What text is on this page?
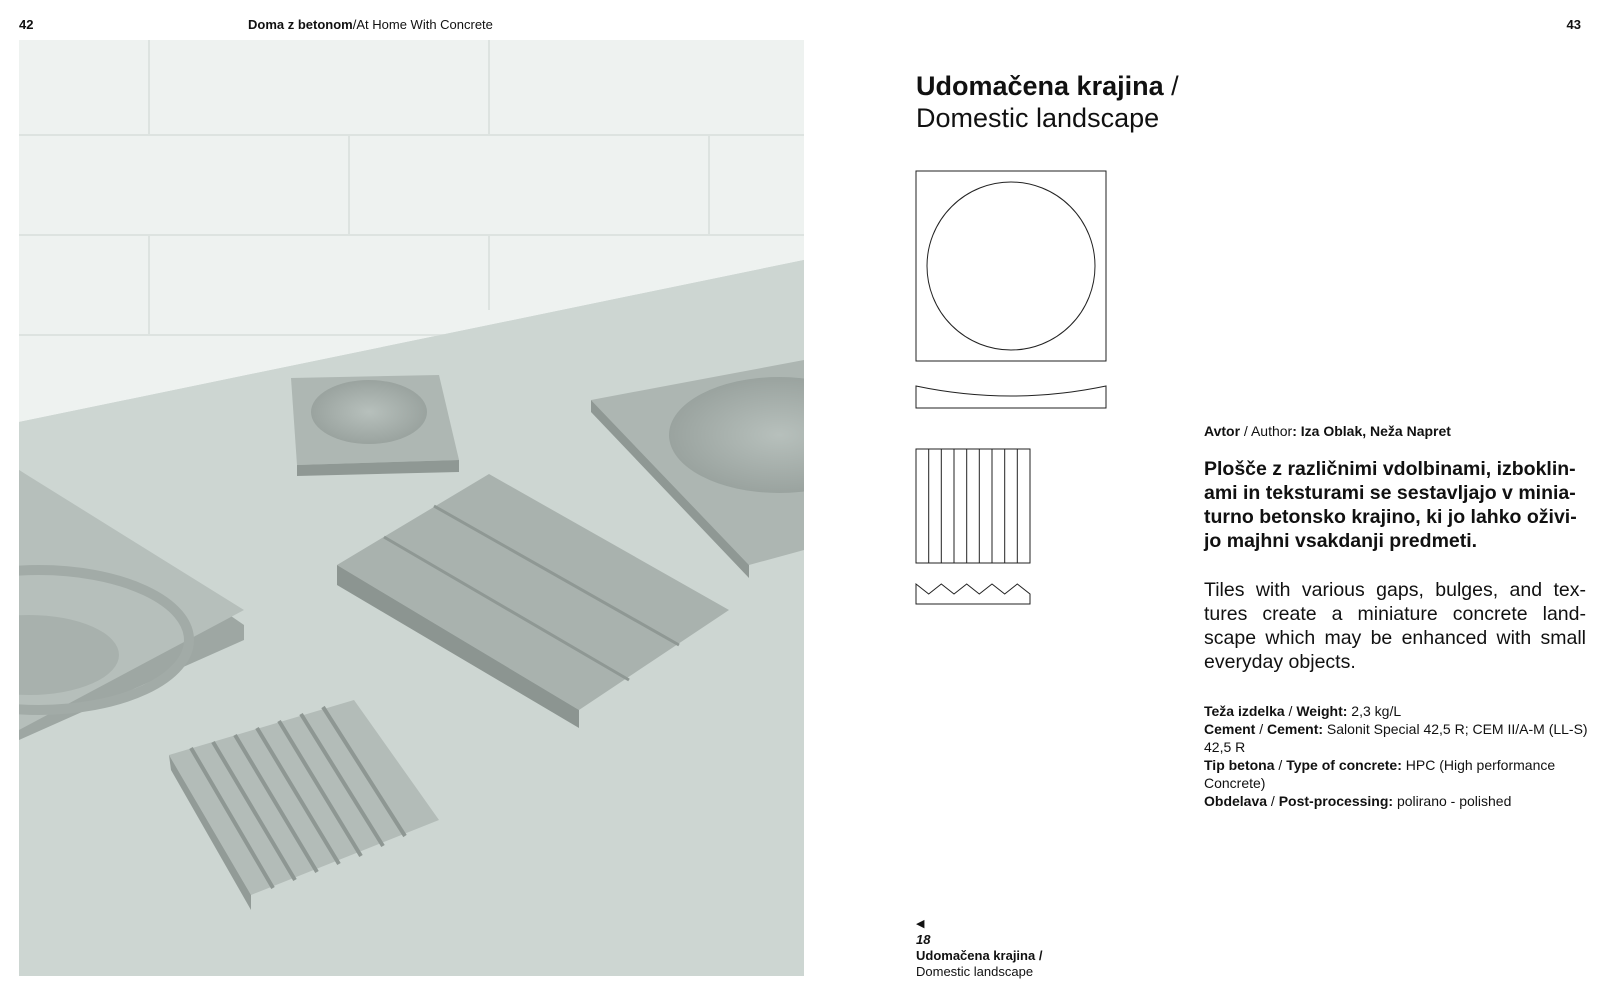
42	Doma z betonom/At Home With Concrete	43
Udomačena krajina /
Domestic landscape
Avtor / Author: Iza Oblak, Neža Napret
Plošče z različnimi vdolbinami, izboklin-ami in teksturami se sestavljajo v minia-turno betonsko krajino, ki jo lahko oživi-jo majhni vsakdanji predmeti.
Tiles with various gaps, bulges, and tex-tures create a miniature concrete land-scape which may be enhanced with small everyday objects.
Teža izdelka / Weight: 2,3 kg/L
Cement / Cement: Salonit Special 42,5 R; CEM II/A-M (LL-S) 42,5 R
Tip betona / Type of concrete: HPC (High performance Concrete)
Obdelava / Post-processing: polirano - polished
◀
18
Udomačena krajina /
Domestic landscape
